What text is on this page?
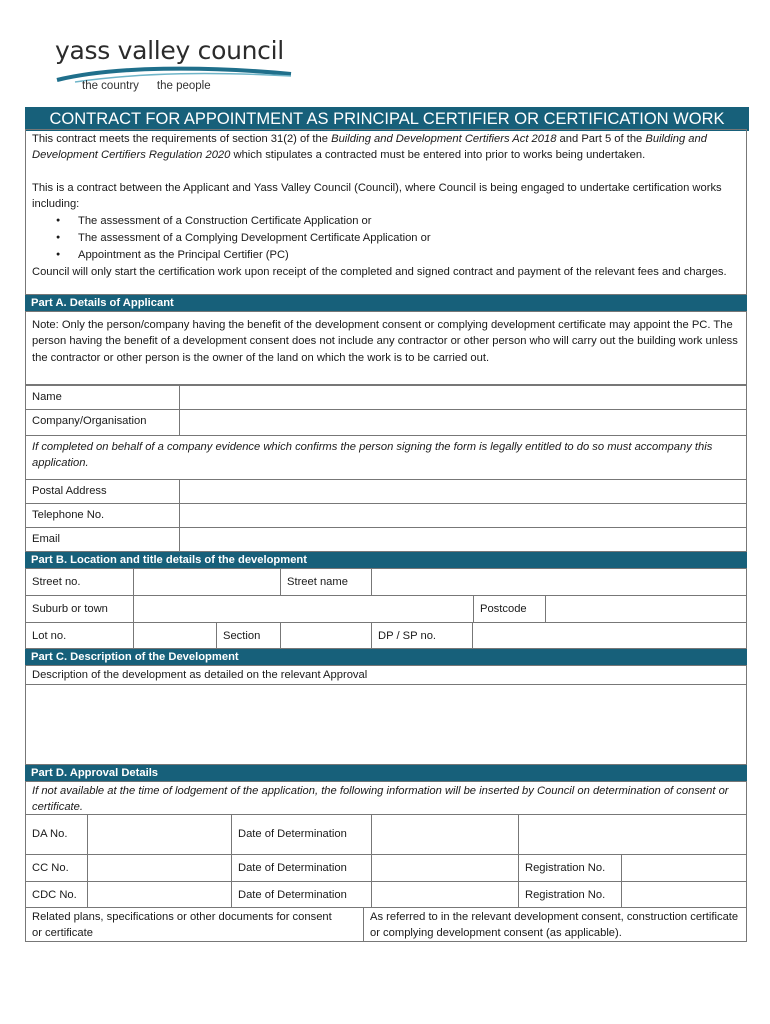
yass valley council
the country the people
CONTRACT FOR APPOINTMENT AS PRINCIPAL CERTIFIER OR CERTIFICATION WORK
This contract meets the requirements of section 31(2) of the Building and Development Certifiers Act 2018 and Part 5 of the Building and Development Certifiers Regulation 2020 which stipulates a contracted must be entered into prior to works being undertaken.
This is a contract between the Applicant and Yass Valley Council (Council), where Council is being engaged to undertake certification works including:
● The assessment of a Construction Certificate Application or
● The assessment of a Complying Development Certificate Application or
● Appointment as the Principal Certifier (PC)
Council will only start the certification work upon receipt of the completed and signed contract and payment of the relevant fees and charges.
Part A. Details of Applicant
Note: Only the person/company having the benefit of the development consent or complying development certificate may appoint the PC. The person having the benefit of a development consent does not include any contractor or other person who will carry out the building work unless the contractor or other person is the owner of the land on which the work is to be carried out.
Name
Company/Organisation
If completed on behalf of a company evidence which confirms the person signing the form is legally entitled to do so must accompany this application.
Postal Address
Telephone No.
Email
Part B. Location and title details of the development
Street no.	Street name
Suburb or town	Postcode
Lot no.	Section	DP / SP no.
Part C. Description of the Development
Description of the development as detailed on the relevant Approval
Part D. Approval Details
If not available at the time of lodgement of the application, the following information will be inserted by Council on determination of consent or certificate.
DA No.	Date of Determination
CC No.	Date of Determination	Registration No.
CDC No.	Date of Determination	Registration No.
Related plans, specifications or other documents for consent or certificate
As referred to in the relevant development consent, construction certificate or complying development consent (as applicable).
